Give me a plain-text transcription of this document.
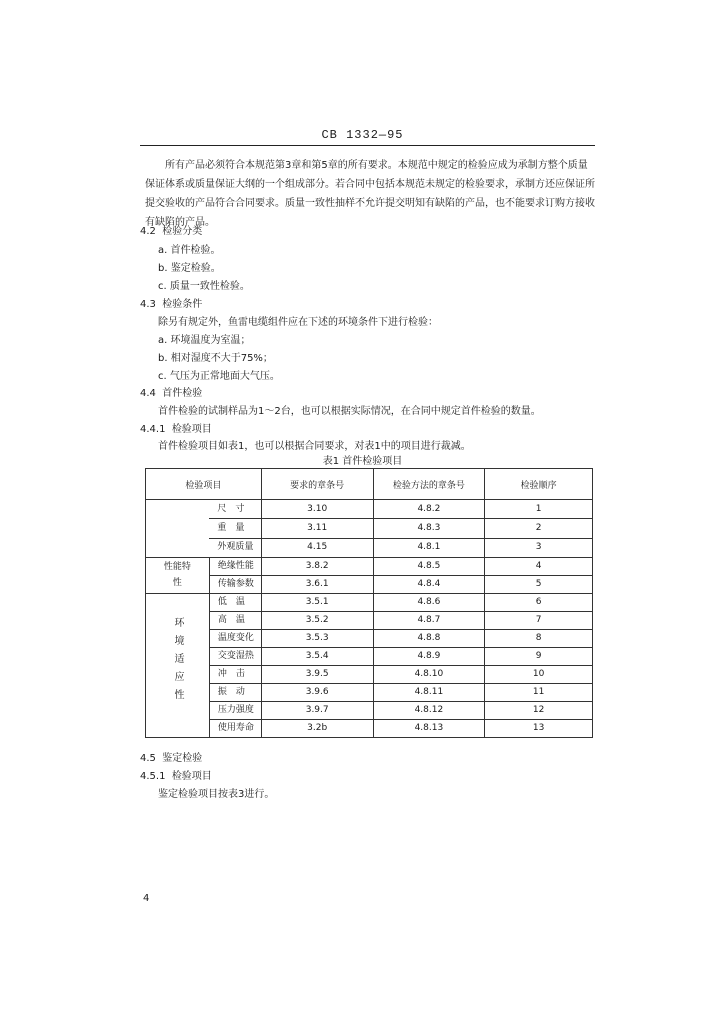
CB 1332—95
所有产品必须符合本规范第3章和第5章的所有要求。本规范中规定的检验应成为承制方整个质量保证体系或质量保证大纲的一个组成部分。若合同中包括本规范未规定的检验要求，承制方还应保证所提交验收的产品符合合同要求。质量一致性抽样不允许提交明知有缺陷的产品，也不能要求订购方接收有缺陷的产品。
4.2 检验分类
a. 首件检验。
b. 鉴定检验。
c. 质量一致性检验。
4.3 检验条件
除另有规定外，鱼雷电缆组件应在下述的环境条件下进行检验：
a. 环境温度为室温；
b. 相对湿度不大于75%；
c. 气压为正常地面大气压。
4.4 首件检验
首件检验的试制样品为1～2台，也可以根据实际情况，在合同中规定首件检验的数量。
4.4.1 检验项目
首件检验项目如表1，也可以根据合同要求，对表1中的项目进行裁减。
表1 首件检验项目
检验项目		要求的章条号	检验方法的章条号	检验顺序
	尺　寸	3.10	4.8.2	1
	重　量	3.11	4.8.3	2
	外观质量	4.15	4.8.1	3
性能特性	绝缘性能	3.8.2	4.8.5	4
	传输参数	3.6.1	4.8.4	5
环境适应性	低　温	3.5.1	4.8.6	6
	高　温	3.5.2	4.8.7	7
	温度变化	3.5.3	4.8.8	8
	交变湿热	3.5.4	4.8.9	9
	冲　击	3.9.5	4.8.10	10
	振　动	3.9.6	4.8.11	11
	压力强度	3.9.7	4.8.12	12
	使用寿命	3.2b	4.8.13	13
4.5 鉴定检验
4.5.1 检验项目
鉴定检验项目按表3进行。
4
